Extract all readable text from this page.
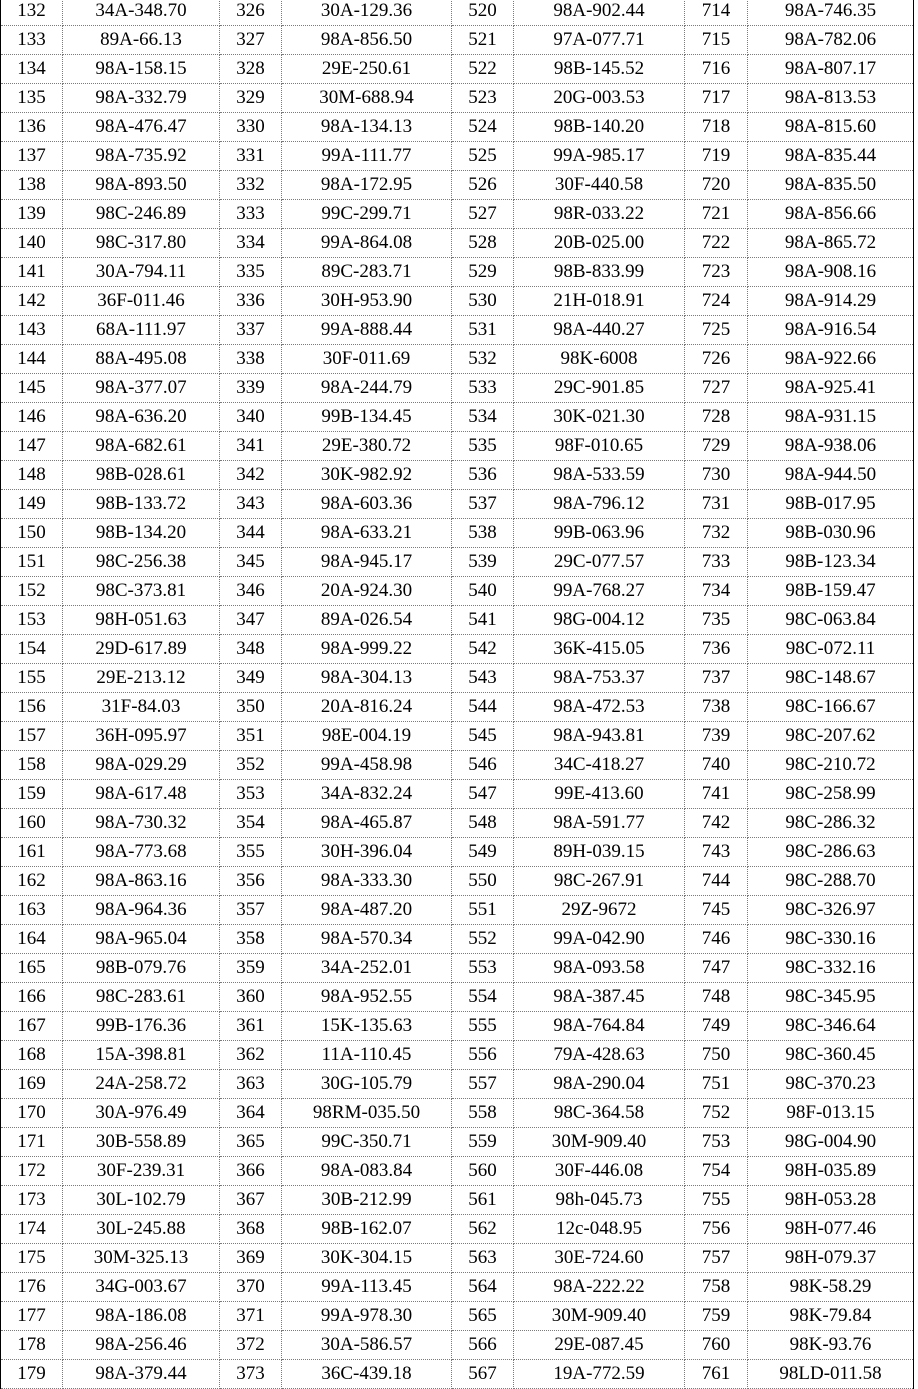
132	34A-348.70	326	30A-129.36	520	98A-902.44	714	98A-746.35
133	89A-66.13	327	98A-856.50	521	97A-077.71	715	98A-782.06
134	98A-158.15	328	29E-250.61	522	98B-145.52	716	98A-807.17
135	98A-332.79	329	30M-688.94	523	20G-003.53	717	98A-813.53
136	98A-476.47	330	98A-134.13	524	98B-140.20	718	98A-815.60
137	98A-735.92	331	99A-111.77	525	99A-985.17	719	98A-835.44
138	98A-893.50	332	98A-172.95	526	30F-440.58	720	98A-835.50
139	98C-246.89	333	99C-299.71	527	98R-033.22	721	98A-856.66
140	98C-317.80	334	99A-864.08	528	20B-025.00	722	98A-865.72
141	30A-794.11	335	89C-283.71	529	98B-833.99	723	98A-908.16
142	36F-011.46	336	30H-953.90	530	21H-018.91	724	98A-914.29
143	68A-111.97	337	99A-888.44	531	98A-440.27	725	98A-916.54
144	88A-495.08	338	30F-011.69	532	98K-6008	726	98A-922.66
145	98A-377.07	339	98A-244.79	533	29C-901.85	727	98A-925.41
146	98A-636.20	340	99B-134.45	534	30K-021.30	728	98A-931.15
147	98A-682.61	341	29E-380.72	535	98F-010.65	729	98A-938.06
148	98B-028.61	342	30K-982.92	536	98A-533.59	730	98A-944.50
149	98B-133.72	343	98A-603.36	537	98A-796.12	731	98B-017.95
150	98B-134.20	344	98A-633.21	538	99B-063.96	732	98B-030.96
151	98C-256.38	345	98A-945.17	539	29C-077.57	733	98B-123.34
152	98C-373.81	346	20A-924.30	540	99A-768.27	734	98B-159.47
153	98H-051.63	347	89A-026.54	541	98G-004.12	735	98C-063.84
154	29D-617.89	348	98A-999.22	542	36K-415.05	736	98C-072.11
155	29E-213.12	349	98A-304.13	543	98A-753.37	737	98C-148.67
156	31F-84.03	350	20A-816.24	544	98A-472.53	738	98C-166.67
157	36H-095.97	351	98E-004.19	545	98A-943.81	739	98C-207.62
158	98A-029.29	352	99A-458.98	546	34C-418.27	740	98C-210.72
159	98A-617.48	353	34A-832.24	547	99E-413.60	741	98C-258.99
160	98A-730.32	354	98A-465.87	548	98A-591.77	742	98C-286.32
161	98A-773.68	355	30H-396.04	549	89H-039.15	743	98C-286.63
162	98A-863.16	356	98A-333.30	550	98C-267.91	744	98C-288.70
163	98A-964.36	357	98A-487.20	551	29Z-9672	745	98C-326.97
164	98A-965.04	358	98A-570.34	552	99A-042.90	746	98C-330.16
165	98B-079.76	359	34A-252.01	553	98A-093.58	747	98C-332.16
166	98C-283.61	360	98A-952.55	554	98A-387.45	748	98C-345.95
167	99B-176.36	361	15K-135.63	555	98A-764.84	749	98C-346.64
168	15A-398.81	362	11A-110.45	556	79A-428.63	750	98C-360.45
169	24A-258.72	363	30G-105.79	557	98A-290.04	751	98C-370.23
170	30A-976.49	364	98RM-035.50	558	98C-364.58	752	98F-013.15
171	30B-558.89	365	99C-350.71	559	30M-909.40	753	98G-004.90
172	30F-239.31	366	98A-083.84	560	30F-446.08	754	98H-035.89
173	30L-102.79	367	30B-212.99	561	98h-045.73	755	98H-053.28
174	30L-245.88	368	98B-162.07	562	12c-048.95	756	98H-077.46
175	30M-325.13	369	30K-304.15	563	30E-724.60	757	98H-079.37
176	34G-003.67	370	99A-113.45	564	98A-222.22	758	98K-58.29
177	98A-186.08	371	99A-978.30	565	30M-909.40	759	98K-79.84
178	98A-256.46	372	30A-586.57	566	29E-087.45	760	98K-93.76
179	98A-379.44	373	36C-439.18	567	19A-772.59	761	98LD-011.58
